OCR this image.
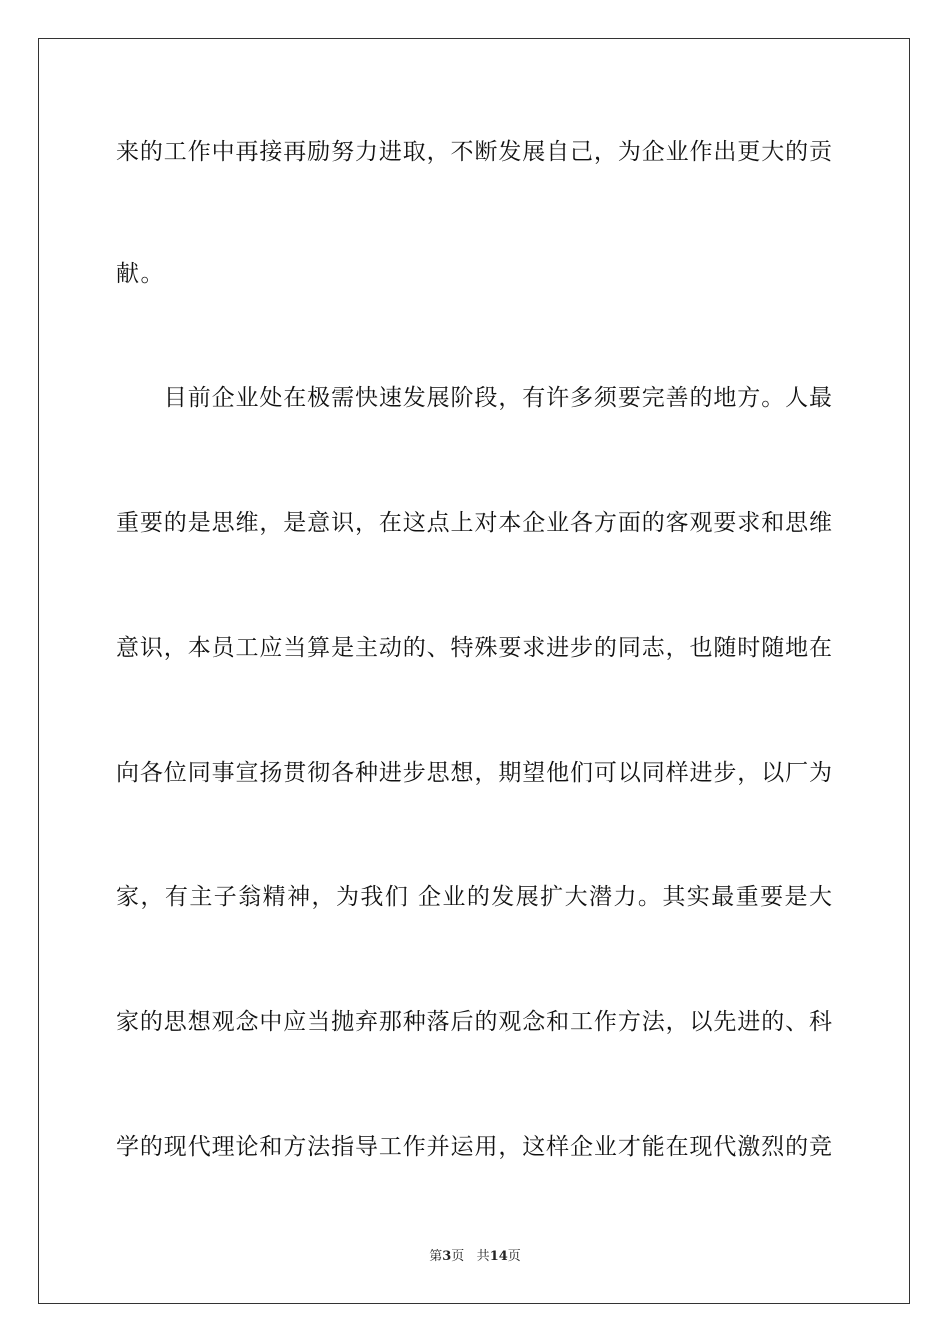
来的工作中再接再励努力进取，不断发展自己，为企业作出更大的贡
献。
　　目前企业处在极需快速发展阶段，有许多须要完善的地方。人最
重要的是思维，是意识，在这点上对本企业各方面的客观要求和思维
意识，本员工应当算是主动的、特殊要求进步的同志，也随时随地在
向各位同事宣扬贯彻各种进步思想，期望他们可以同样进步，以厂为
家，有主子翁精神，为我们 企业的发展扩大潜力。其实最重要是大
家的思想观念中应当抛弃那种落后的观念和工作方法，以先进的、科
学的现代理论和方法指导工作并运用，这样企业才能在现代激烈的竞
第3页 共14页
